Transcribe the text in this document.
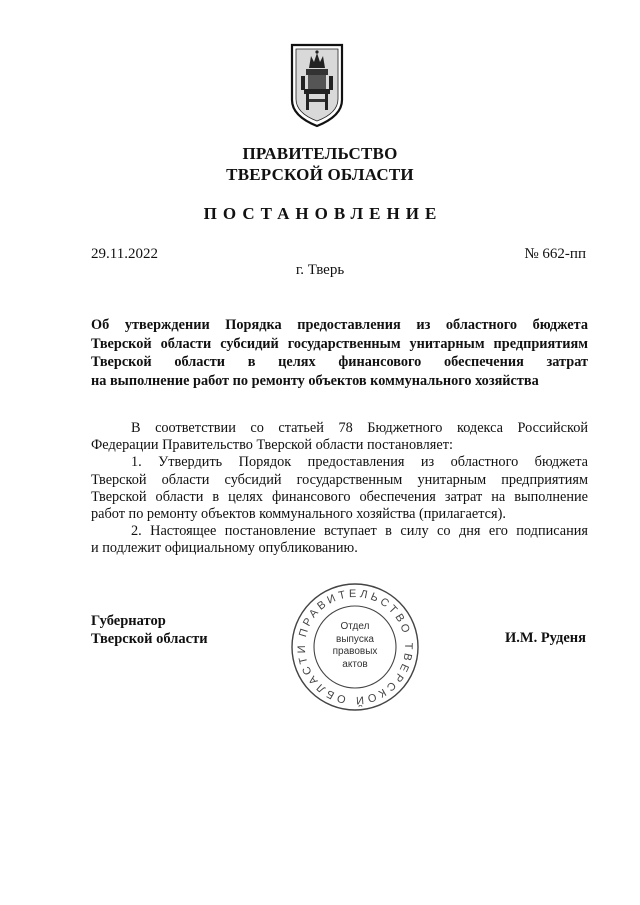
ПРАВИТЕЛЬСТВО
ТВЕРСКОЙ ОБЛАСТИ
ПОСТАНОВЛЕНИЕ
29.11.2022	№ 662-пп
г. Тверь
Об утверждении Порядка предоставления из областного бюджета
Тверской области субсидий государственным унитарным предприятиям
Тверской области в целях финансового обеспечения затрат
на выполнение работ по ремонту объектов коммунального хозяйства
В соответствии со статьей 78 Бюджетного кодекса Российской
Федерации Правительство Тверской области постановляет:
1. Утвердить Порядок предоставления из областного бюджета
Тверской области субсидий государственным унитарным предприятиям
Тверской области в целях финансового обеспечения затрат на выполнение
работ по ремонту объектов коммунального хозяйства (прилагается).
2. Настоящее постановление вступает в силу со дня его подписания
и подлежит официальному опубликованию.
Губернатор
Тверской области	ПРАВИТЕЛЬСТВО ТВЕРСКОЙ ОБЛАСТИ
Отдел
выпуска
правовых
актов
И.М. Руденя
